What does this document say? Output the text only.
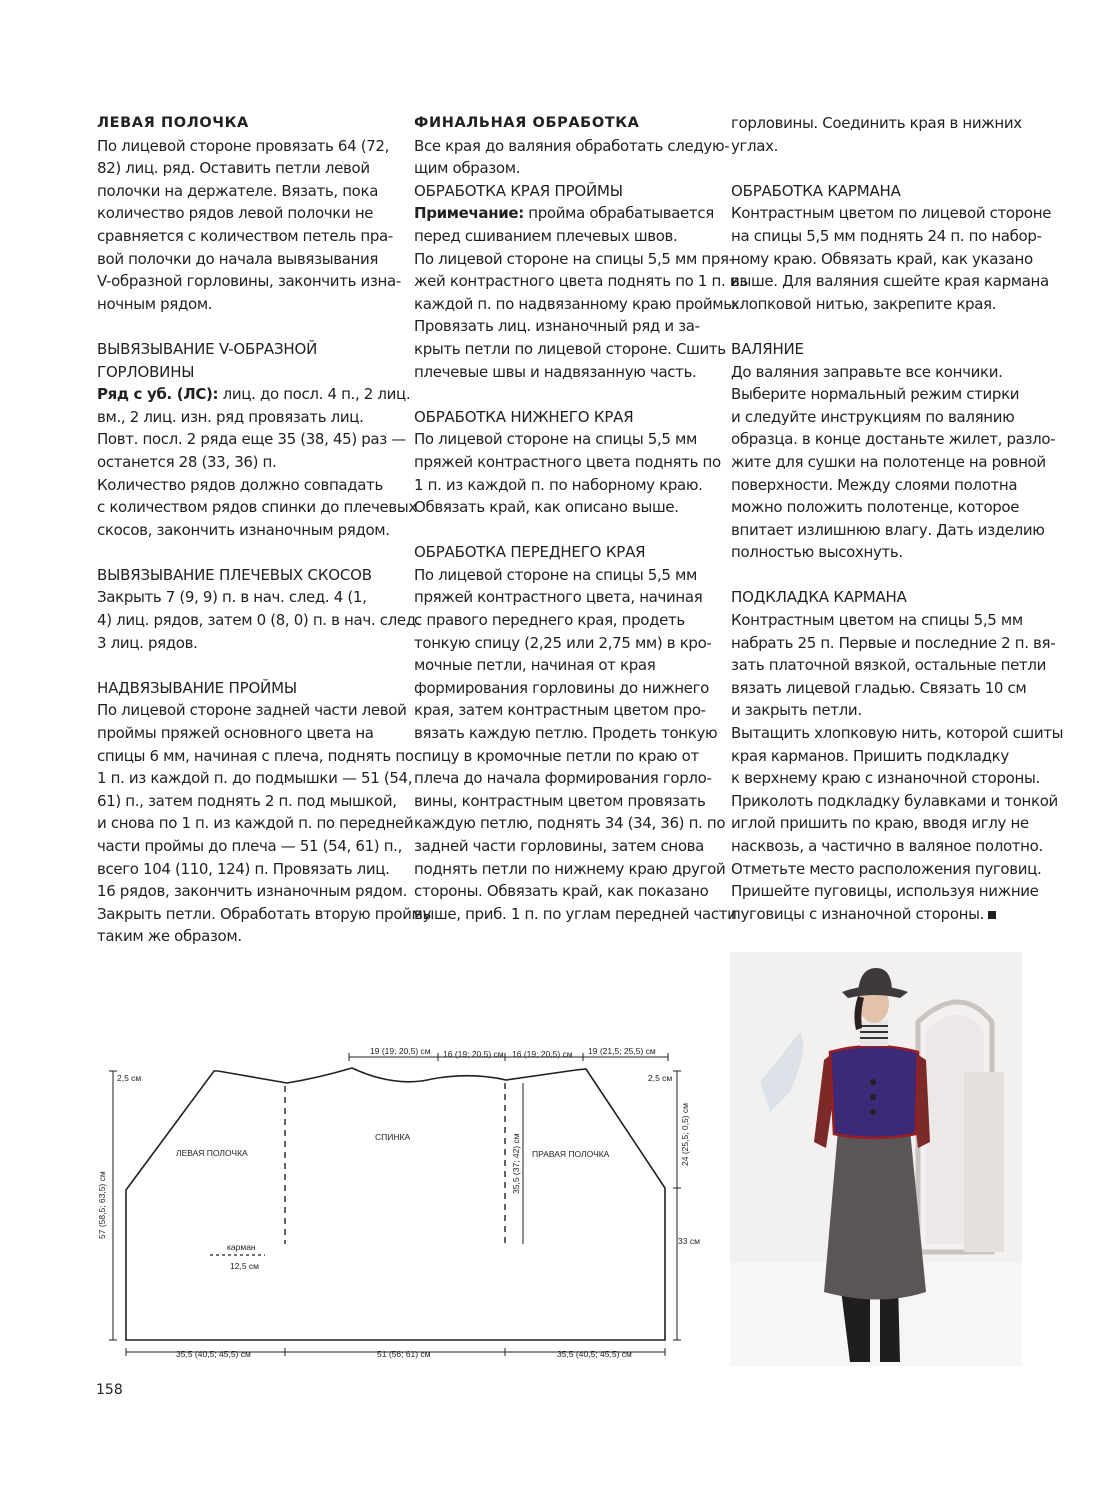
ЛЕВАЯ ПОЛОЧКА
По лицевой стороне провязать 64 (72,
82) лиц. ряд. Оставить петли левой
полочки на держателе. Вязать, пока
количество рядов левой полочки не
сравняется с количеством петель пра-
вой полочки до начала вывязывания
V-образной горловины, закончить изна-
ночным рядом.
ВЫВЯЗЫВАНИЕ V-ОБРАЗНОЙ ГОРЛОВИНЫ
Ряд с уб. (ЛС): лиц. до посл. 4 п., 2 лиц.
вм., 2 лиц. изн. ряд провязать лиц.
Повт. посл. 2 ряда еще 35 (38, 45) раз —
останется 28 (33, 36) п.
Количество рядов должно совпадать
с количеством рядов спинки до плечевых
скосов, закончить изнаночным рядом.
ВЫВЯЗЫВАНИЕ ПЛЕЧЕВЫХ СКОСОВ
Закрыть 7 (9, 9) п. в нач. след. 4 (1,
4) лиц. рядов, затем 0 (8, 0) п. в нач. след.
3 лиц. рядов.
НАДВЯЗЫВАНИЕ ПРОЙМЫ
По лицевой стороне задней части левой
проймы пряжей основного цвета на
спицы 6 мм, начиная с плеча, поднять по
1 п. из каждой п. до подмышки — 51 (54,
61) п., затем поднять 2 п. под мышкой,
и снова по 1 п. из каждой п. по передней
части проймы до плеча — 51 (54, 61) п.,
всего 104 (110, 124) п. Провязать лиц.
16 рядов, закончить изнаночным рядом.
Закрыть петли. Обработать вторую пройму
таким же образом.
ФИНАЛЬНАЯ ОБРАБОТКА
Все края до валяния обработать следую-
щим образом.
ОБРАБОТКА КРАЯ ПРОЙМЫ
Примечание: пройма обрабатывается
перед сшиванием плечевых швов.
По лицевой стороне на спицы 5,5 мм пря-
жей контрастного цвета поднять по 1 п. из
каждой п. по надвязанному краю проймы.
Провязать лиц. изнаночный ряд и за-
крыть петли по лицевой стороне. Сшить
плечевые швы и надвязанную часть.
ОБРАБОТКА НИЖНЕГО КРАЯ
По лицевой стороне на спицы 5,5 мм
пряжей контрастного цвета поднять по
1 п. из каждой п. по наборному краю.
Обвязать край, как описано выше.
ОБРАБОТКА ПЕРЕДНЕГО КРАЯ
По лицевой стороне на спицы 5,5 мм
пряжей контрастного цвета, начиная
с правого переднего края, продеть
тонкую спицу (2,25 или 2,75 мм) в кро-
мочные петли, начиная от края
формирования горловины до нижнего
края, затем контрастным цветом про-
вязать каждую петлю. Продеть тонкую
спицу в кромочные петли по краю от
плеча до начала формирования горло-
вины, контрастным цветом провязать
каждую петлю, поднять 34 (34, 36) п. по
задней части горловины, затем снова
поднять петли по нижнему краю другой
стороны. Обвязать край, как показано
выше, приб. 1 п. по углам передней части
горловины. Соединить края в нижних
углах.
ОБРАБОТКА КАРМАНА
Контрастным цветом по лицевой стороне
на спицы 5,5 мм поднять 24 п. по набор-
ному краю. Обвязать край, как указано
выше. Для валяния сшейте края кармана
хлопковой нитью, закрепите края.
ВАЛЯНИЕ
До валяния заправьте все кончики.
Выберите нормальный режим стирки
и следуйте инструкциям по валянию
образца. в конце достаньте жилет, разло-
жите для сушки на полотенце на ровной
поверхности. Между слоями полотна
можно положить полотенце, которое
впитает излишнюю влагу. Дать изделию
полностью высохнуть.
ПОДКЛАДКА КАРМАНА
Контрастным цветом на спицы 5,5 мм
набрать 25 п. Первые и последние 2 п. вя-
зать платочной вязкой, остальные петли
вязать лицевой гладью. Связать 10 см
и закрыть петли.
Вытащить хлопковую нить, которой сшиты
края карманов. Пришить подкладку
к верхнему краю с изнаночной стороны.
Приколоть подкладку булавками и тонкой
иглой пришить по краю, вводя иглу не
насквозь, а частично в валяное полотно.
Отметьте место расположения пуговиц.
Пришейте пуговицы, используя нижние
пуговицы с изнаночной стороны.
19 (19; 20,5) см 16 (19; 20,5) см 16 (19; 20,5) см 19 (21,5; 25,5) см
2,5 см	2,5 см
ЛЕВАЯ ПОЛОЧКА
СПИНКА
ПРАВАЯ ПОЛОЧКА
35,5 (37; 42) см
57 (58,5; 63,5) см
24 (25,5; 0,5) см
33 см
карман
12,5 см
35,5 (40,5; 45,5) см	51 (56; 61) см	35,5 (40,5; 45,5) см
158
